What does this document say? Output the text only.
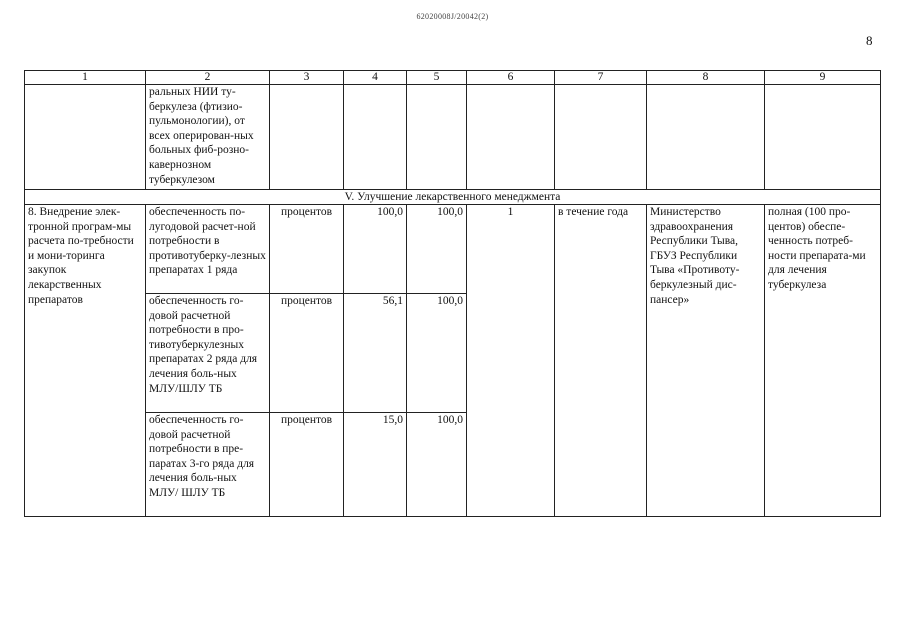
62020008J/20042(2)
8
1	2	3	4	5	6	7	8	9
	ральных НИИ ту-беркулеза (фтизио-пульмонологии), от всех оперирован-ных больных фиб-розно-кавернозном туберкулезом							
V. Улучшение лекарственного менеджмента								
8. Внедрение элек-тронной програм-мы расчета по-требности и мони-торинга закупок лекарственных препаратов	обеспеченность по-лугодовой расчет-ной потребности в противотуберку-лезных препаратах 1 ряда	процентов	100,0	100,0	1	в течение года	Министерство здравоохранения Республики Тыва, ГБУЗ Республики Тыва «Противоту-беркулезный дис-пансер»	полная (100 про-центов) обеспе-ченность потреб-ности препарата-ми для лечения туберкулеза
	обеспеченность го-довой расчетной потребности в про-тивотуберкулезных препаратах 2 ряда для лечения боль-ных МЛУ/ШЛУ ТБ	процентов	56,1	100,0				
	обеспеченность го-довой расчетной потребности в пре-паратах 3-го ряда для лечения боль-ных МЛУ/ ШЛУ ТБ	процентов	15,0	100,0				
